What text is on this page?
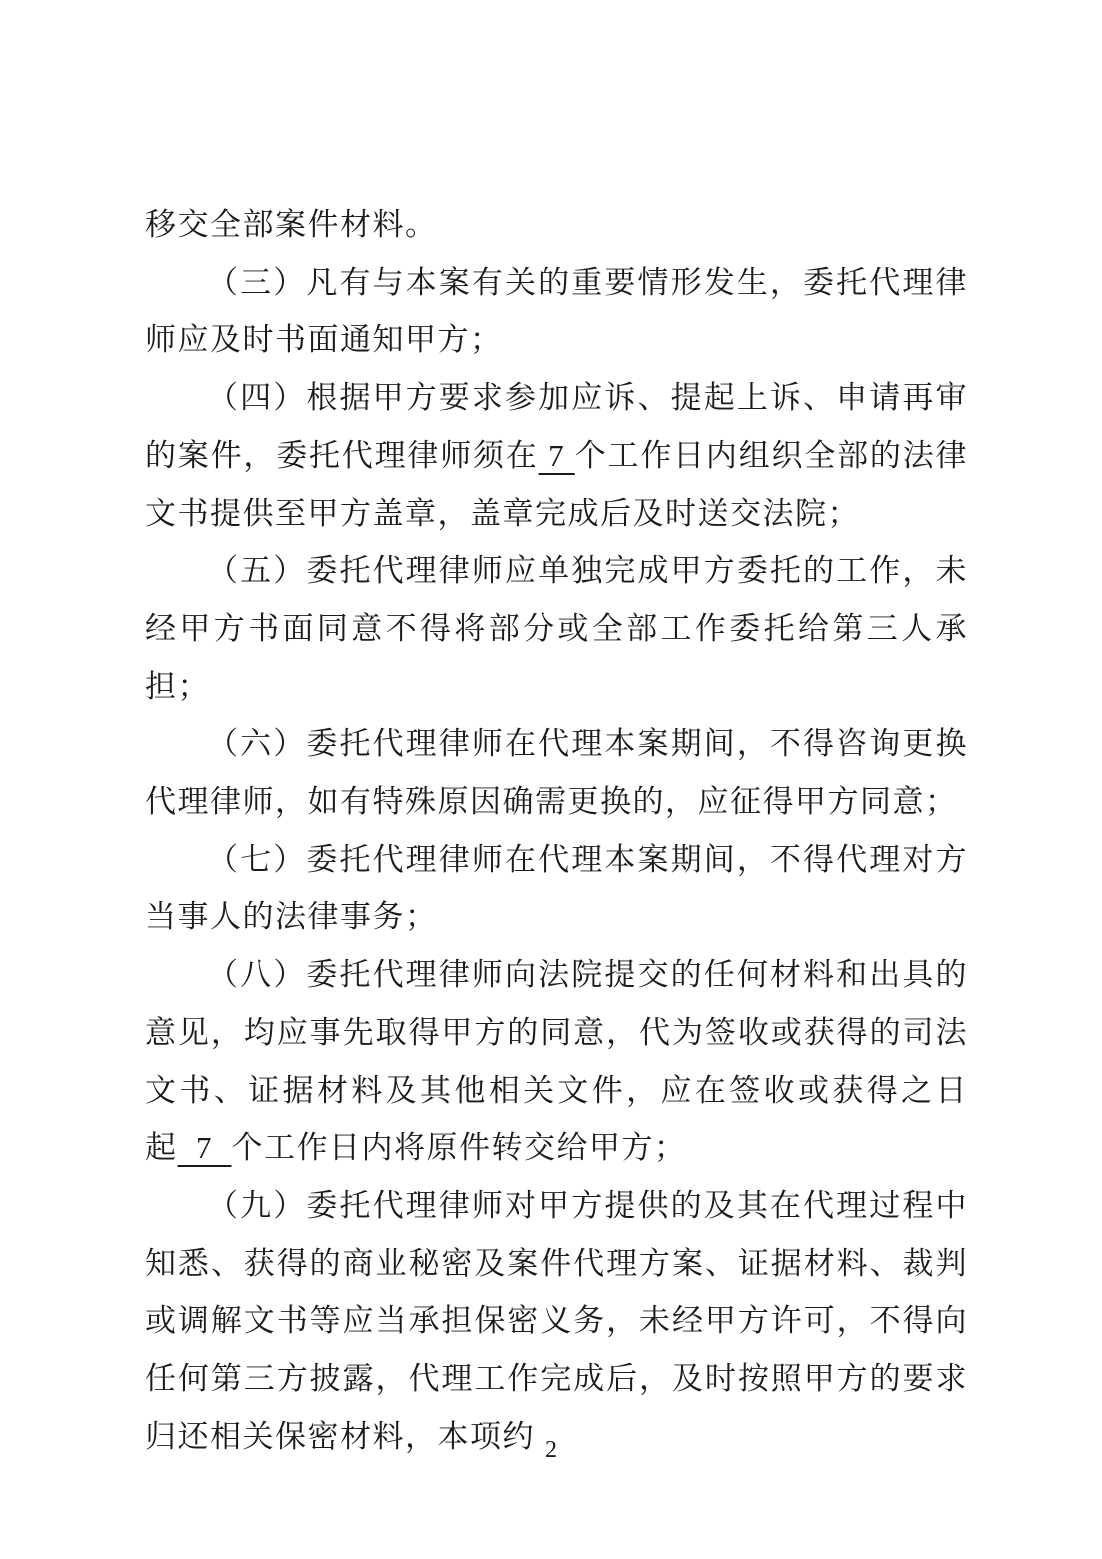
移交全部案件材料。

（三）凡有与本案有关的重要情形发生，委托代理律师应及时书面通知甲方；

（四）根据甲方要求参加应诉、提起上诉、申请再审的案件，委托代理律师须在 7 个工作日内组织全部的法律文书提供至甲方盖章，盖章完成后及时送交法院；

（五）委托代理律师应单独完成甲方委托的工作，未经甲方书面同意不得将部分或全部工作委托给第三人承担；

（六）委托代理律师在代理本案期间，不得咨询更换代理律师，如有特殊原因确需更换的，应征得甲方同意；

（七）委托代理律师在代理本案期间，不得代理对方当事人的法律事务；

（八）委托代理律师向法院提交的任何材料和出具的意见，均应事先取得甲方的同意，代为签收或获得的司法文书、证据材料及其他相关文件，应在签收或获得之日起  7  个工作日内将原件转交给甲方；

（九）委托代理律师对甲方提供的及其在代理过程中知悉、获得的商业秘密及案件代理方案、证据材料、裁判或调解文书等应当承担保密义务，未经甲方许可，不得向任何第三方披露，代理工作完成后，及时按照甲方的要求归还相关保密材料，本项约 2
